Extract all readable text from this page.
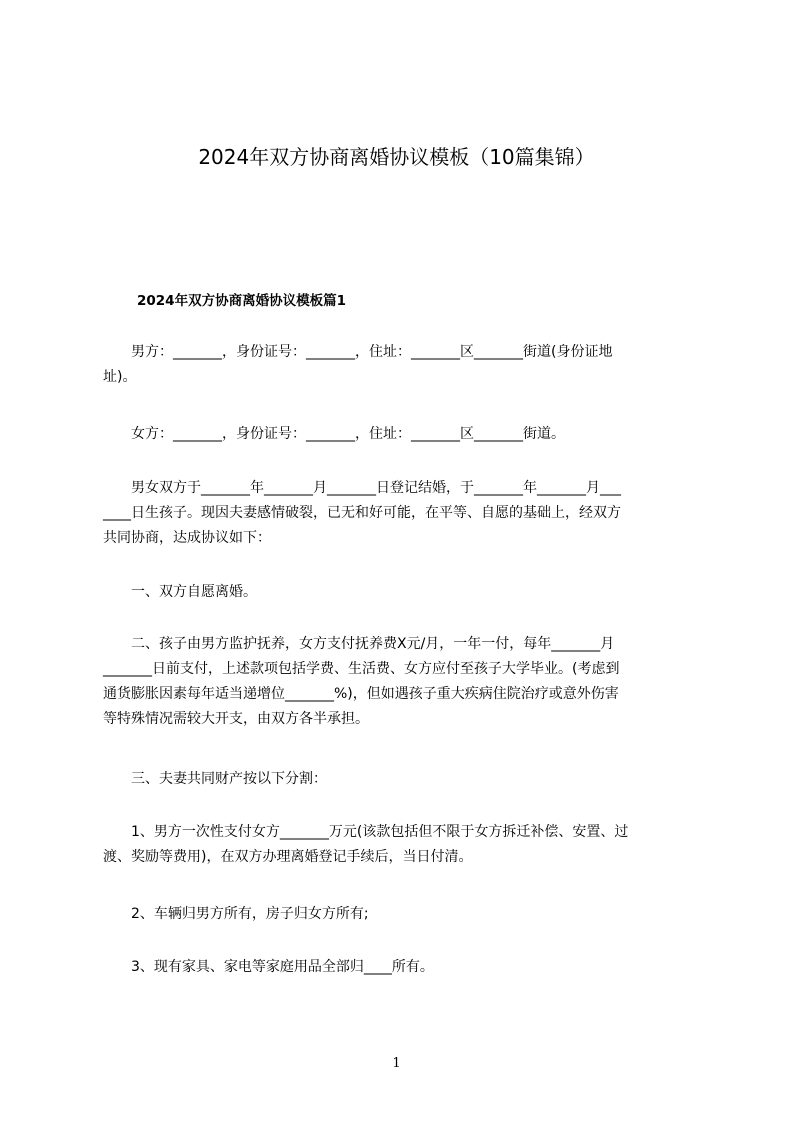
2024年双方协商离婚协议模板（10篇集锦）
2024年双方协商离婚协议模板篇1

　　男方：_______，身份证号：_______，住址：_______区_______街道(身份证地
址)。

　　女方：_______，身份证号：_______，住址：_______区_______街道。

　　男女双方于_______年_______月_______日登记结婚，于_______年_______月___
____日生孩子。现因夫妻感情破裂，已无和好可能，在平等、自愿的基础上，经双方
共同协商，达成协议如下：

　　一、双方自愿离婚。

　　二、孩子由男方监护抚养，女方支付抚养费X元/月，一年一付，每年_______月
_______日前支付，上述款项包括学费、生活费、女方应付至孩子大学毕业。(考虑到
通货膨胀因素每年适当递增位_______%)，但如遇孩子重大疾病住院治疗或意外伤害
等特殊情况需较大开支，由双方各半承担。

　　三、夫妻共同财产按以下分割：

　　1、男方一次性支付女方_______万元(该款包括但不限于女方拆迁补偿、安置、过
渡、奖励等费用)，在双方办理离婚登记手续后，当日付清。

　　2、车辆归男方所有，房子归女方所有;

　　3、现有家具、家电等家庭用品全部归____所有。

1
